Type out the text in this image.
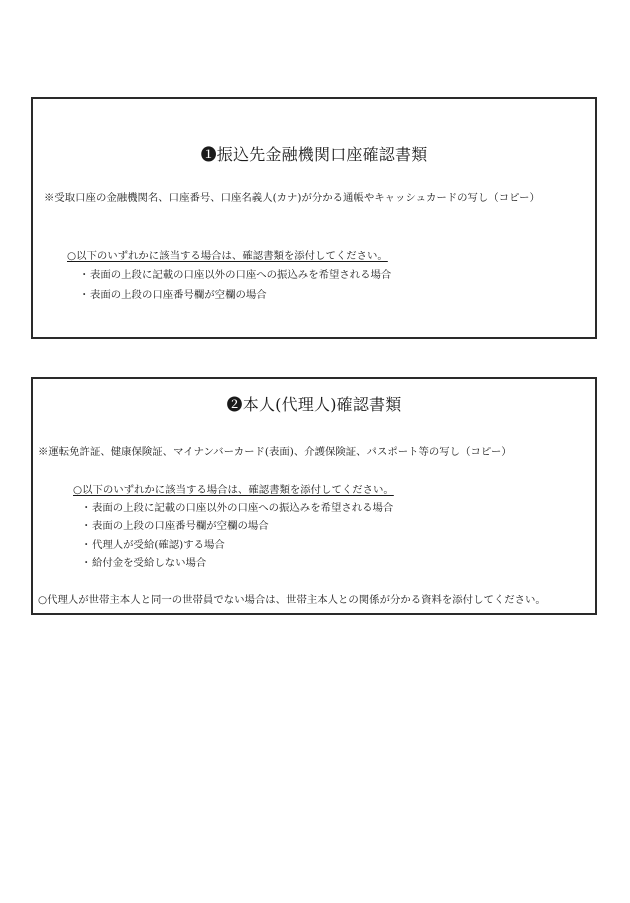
❶振込先金融機関口座確認書類
※受取口座の金融機関名、口座番号、口座名義人(カナ)が分かる通帳やキャッシュカードの写し（コピー）
○以下のいずれかに該当する場合は、確認書類を添付してください。
・表面の上段に記載の口座以外の口座への振込みを希望される場合
・表面の上段の口座番号欄が空欄の場合
❷本人(代理人)確認書類
※運転免許証、健康保険証、マイナンバーカード(表面)、介護保険証、パスポート等の写し（コピー）
○以下のいずれかに該当する場合は、確認書類を添付してください。
・表面の上段に記載の口座以外の口座への振込みを希望される場合
・表面の上段の口座番号欄が空欄の場合
・代理人が受給(確認)する場合
・給付金を受給しない場合
○代理人が世帯主本人と同一の世帯員でない場合は、世帯主本人との関係が分かる資料を添付してください。
